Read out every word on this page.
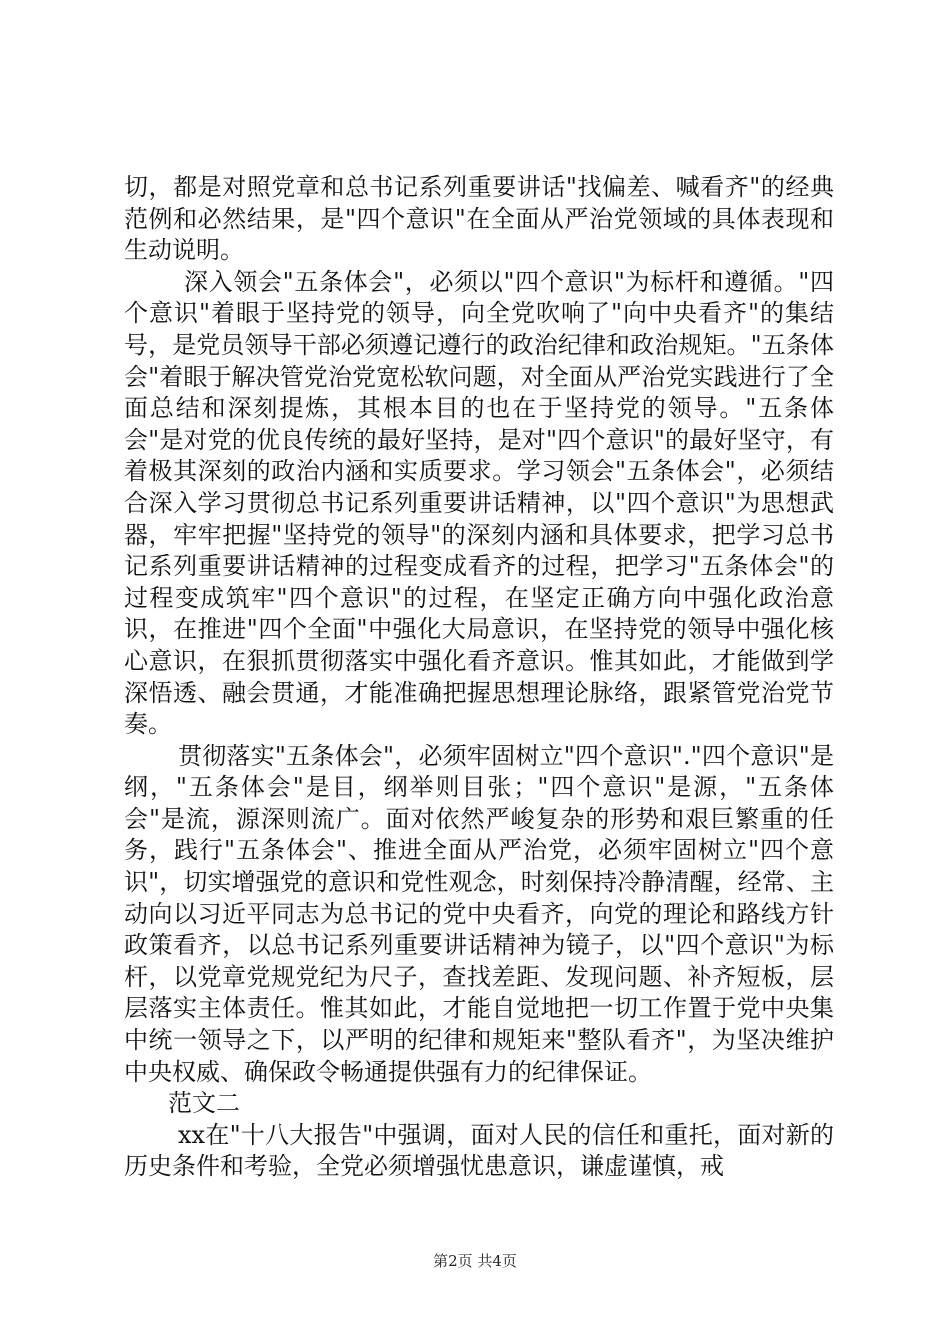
切，都是对照党章和总书记系列重要讲话"找偏差、喊看齐"的经典范例和必然结果，是"四个意识"在全面从严治党领域的具体表现和生动说明。

深入领会"五条体会"，必须以"四个意识"为标杆和遵循。"四个意识"着眼于坚持党的领导，向全党吹响了"向中央看齐"的集结号，是党员领导干部必须遵记遵行的政治纪律和政治规矩。"五条体会"着眼于解决管党治党宽松软问题，对全面从严治党实践进行了全面总结和深刻提炼，其根本目的也在于坚持党的领导。"五条体会"是对党的优良传统的最好坚持，是对"四个意识"的最好坚守，有着极其深刻的政治内涵和实质要求。学习领会"五条体会"，必须结合深入学习贯彻总书记系列重要讲话精神，以"四个意识"为思想武器，牢牢把握"坚持党的领导"的深刻内涵和具体要求，把学习总书记系列重要讲话精神的过程变成看齐的过程，把学习"五条体会"的过程变成筑牢"四个意识"的过程，在坚定正确方向中强化政治意识，在推进"四个全面"中强化大局意识，在坚持党的领导中强化核心意识，在狠抓贯彻落实中强化看齐意识。惟其如此，才能做到学深悟透、融会贯通，才能准确把握思想理论脉络，跟紧管党治党节奏。

贯彻落实"五条体会"，必须牢固树立"四个意识"."四个意识"是纲，"五条体会"是目，纲举则目张；"四个意识"是源，"五条体会"是流，源深则流广。面对依然严峻复杂的形势和艰巨繁重的任务，践行"五条体会"、推进全面从严治党，必须牢固树立"四个意识"，切实增强党的意识和党性观念，时刻保持冷静清醒，经常、主动向以习近平同志为总书记的党中央看齐，向党的理论和路线方针政策看齐，以总书记系列重要讲话精神为镜子，以"四个意识"为标杆，以党章党规党纪为尺子，查找差距、发现问题、补齐短板，层层落实主体责任。惟其如此，才能自觉地把一切工作置于党中央集中统一领导之下，以严明的纪律和规矩来"整队看齐"，为坚决维护中央权威、确保政令畅通提供强有力的纪律保证。

范文二

xx在"十八大报告"中强调，面对人民的信任和重托，面对新的历史条件和考验，全党必须增强忧患意识，谦虚谨慎，戒

第2页 共4页
